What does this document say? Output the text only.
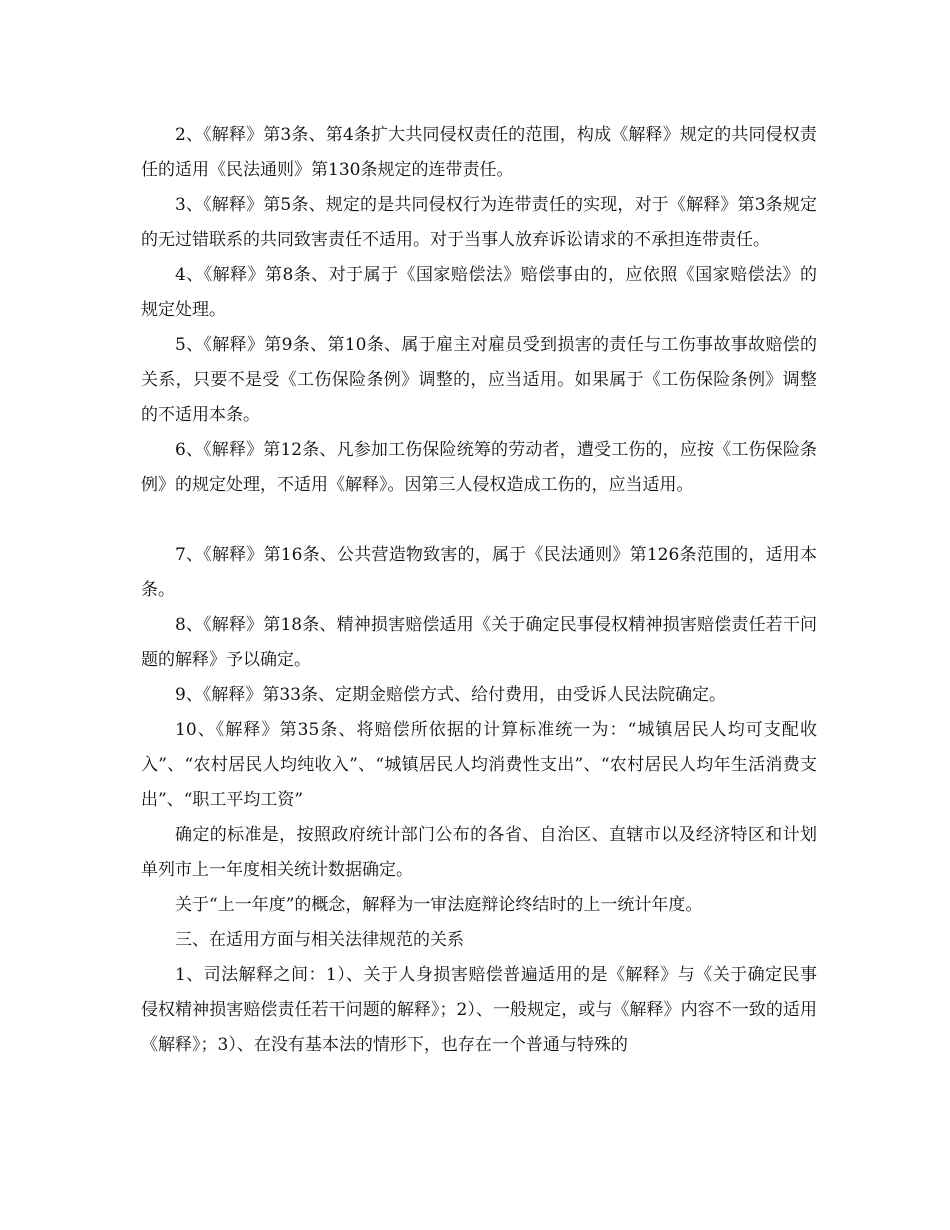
2、《解释》第3条、第4条扩大共同侵权责任的范围，构成《解释》规定的共同侵权责任的适用《民法通则》第130条规定的连带责任。

3、《解释》第5条、规定的是共同侵权行为连带责任的实现，对于《解释》第3条规定的无过错联系的共同致害责任不适用。对于当事人放弃诉讼请求的不承担连带责任。

4、《解释》第8条、对于属于《国家赔偿法》赔偿事由的，应依照《国家赔偿法》的规定处理。

5、《解释》第9条、第10条、属于雇主对雇员受到损害的责任与工伤事故事故赔偿的关系，只要不是受《工伤保险条例》调整的，应当适用。如果属于《工伤保险条例》调整的不适用本条。

6、《解释》第12条、凡参加工伤保险统筹的劳动者，遭受工伤的，应按《工伤保险条例》的规定处理，不适用《解释》。因第三人侵权造成工伤的，应当适用。

7、《解释》第16条、公共营造物致害的，属于《民法通则》第126条范围的，适用本条。

8、《解释》第18条、精神损害赔偿适用《关于确定民事侵权精神损害赔偿责任若干问题的解释》予以确定。

9、《解释》第33条、定期金赔偿方式、给付费用，由受诉人民法院确定。

10、《解释》第35条、将赔偿所依据的计算标准统一为：“城镇居民人均可支配收入”、“农村居民人均纯收入”、“城镇居民人均消费性支出”、“农村居民人均年生活消费支出”、“职工平均工资”

确定的标准是，按照政府统计部门公布的各省、自治区、直辖市以及经济特区和计划单列市上一年度相关统计数据确定。

关于“上一年度”的概念，解释为一审法庭辩论终结时的上一统计年度。

三、在适用方面与相关法律规范的关系

1、司法解释之间：1）、关于人身损害赔偿普遍适用的是《解释》与《关于确定民事侵权精神损害赔偿责任若干问题的解释》；2）、一般规定，或与《解释》内容不一致的适用《解释》；3）、在没有基本法的情形下，也存在一个普通与特殊的
